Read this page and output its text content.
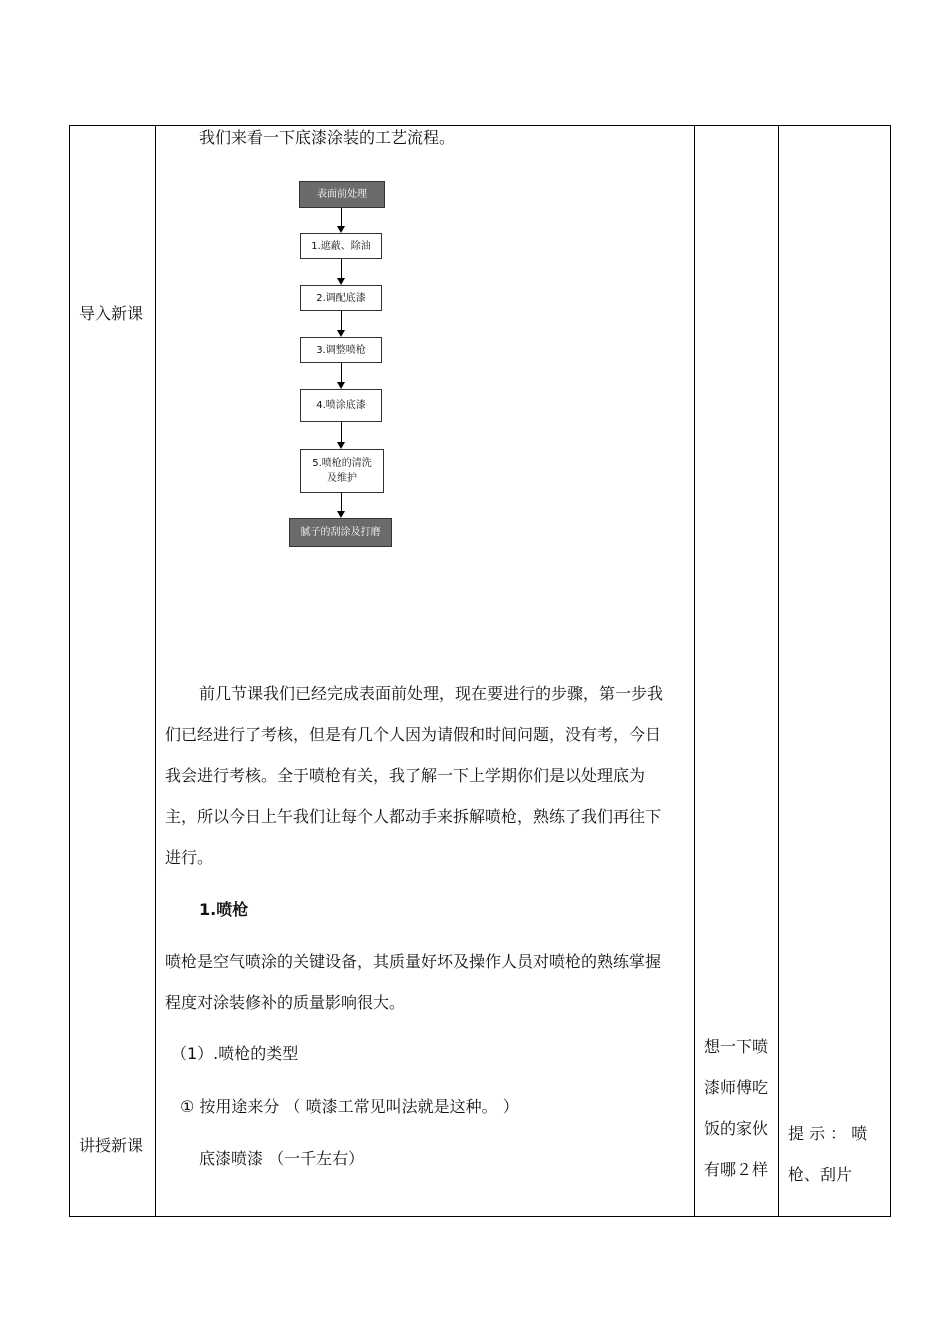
导入新课
讲授新课
我们来看一下底漆涂装的工艺流程。
表面前处理
1.遮蔽、除油
2.调配底漆
3.调整喷枪
4.喷涂底漆
5.喷枪的清洗及维护
腻子的刮涂及打磨
前几节课我们已经完成表面前处理，现在要进行的步骤，第一步我
们已经进行了考核，但是有几个人因为请假和时间问题，没有考，今日
我会进行考核。全于喷枪有关，我了解一下上学期你们是以处理底为
主，所以今日上午我们让每个人都动手来拆解喷枪，熟练了我们再往下
进行。
1.喷枪
喷枪是空气喷涂的关键设备，其质量好坏及操作人员对喷枪的熟练掌握
程度对涂装修补的质量影响很大。
（1）.喷枪的类型
① 按用途来分 （ 喷漆工常见叫法就是这种。 ）
底漆喷漆 （一千左右）
想一下喷
漆师傅吃
饭的家伙
有哪２样
提 示 ： 喷
枪、刮片
